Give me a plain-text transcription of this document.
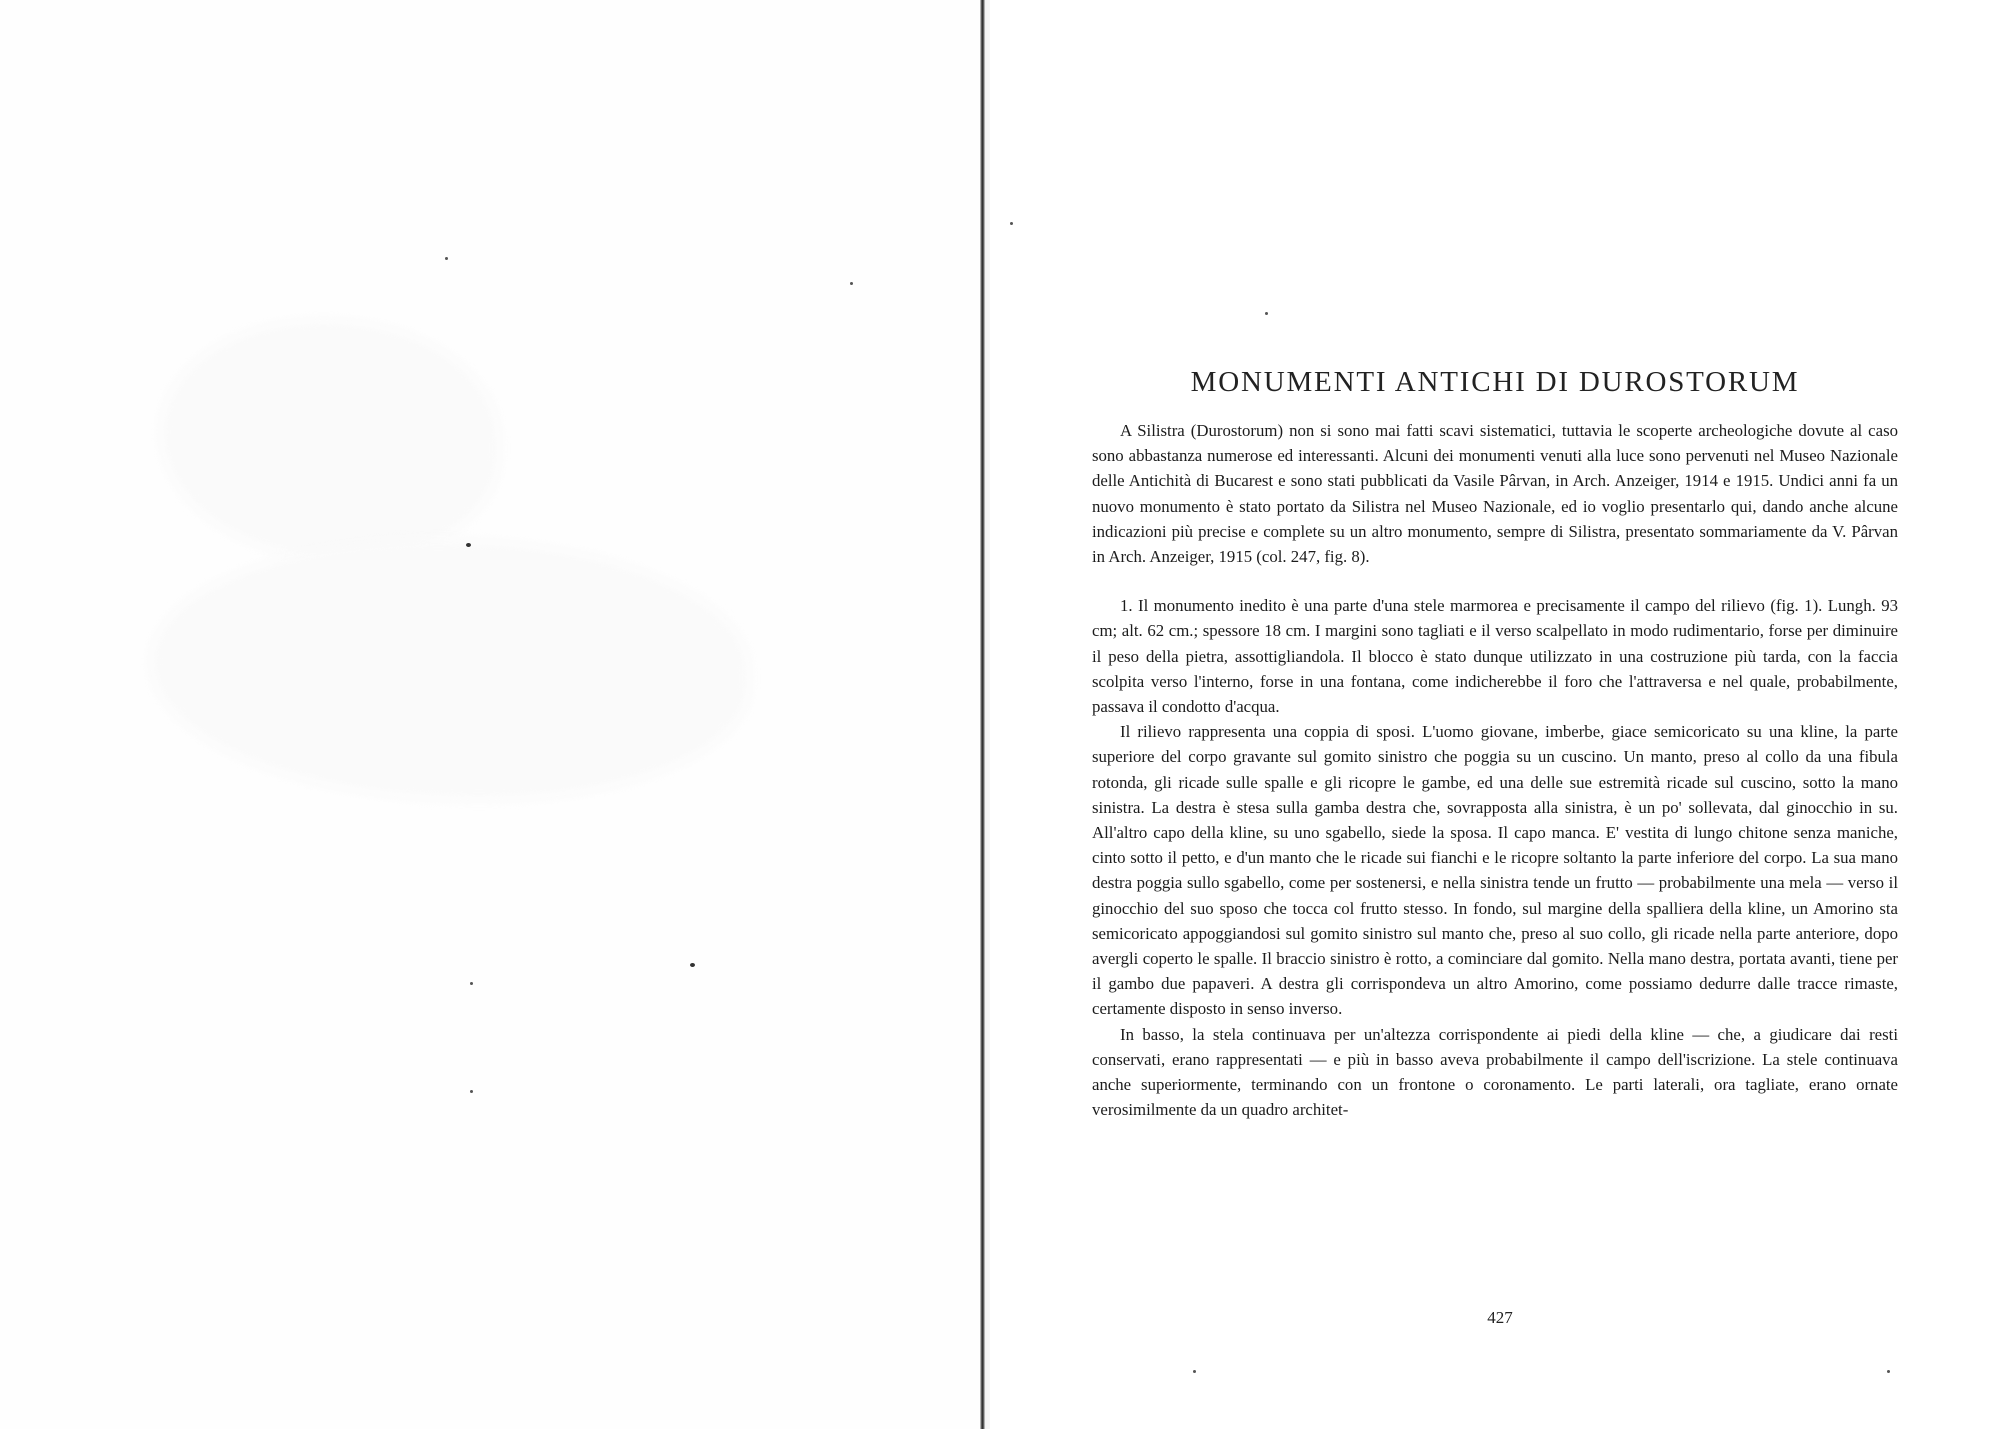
MONUMENTI ANTICHI DI DUROSTORUM

A Silistra (Durostorum) non si sono mai fatti scavi sistematici, tuttavia le scoperte archeologiche dovute al caso sono abbastanza numerose ed interessanti. Alcuni dei monumenti venuti alla luce sono pervenuti nel Museo Nazionale delle Antichità di Bucarest e sono stati pubblicati da Vasile Pârvan, in Arch. Anzeiger, 1914 e 1915. Undici anni fa un nuovo monumento è stato portato da Silistra nel Museo Nazionale, ed io voglio presentarlo qui, dando anche alcune indicazioni più precise e complete su un altro monumento, sempre di Silistra, presentato sommariamente da V. Pârvan in Arch. Anzeiger, 1915 (col. 247, fig. 8).

1. Il monumento inedito è una parte d'una stele marmorea e precisamente il campo del rilievo (fig. 1). Lungh. 93 cm; alt. 62 cm.; spessore 18 cm. I margini sono tagliati e il verso scalpellato in modo rudimentario, forse per diminuire il peso della pietra, assottigliandola. Il blocco è stato dunque utilizzato in una costruzione più tarda, con la faccia scolpita verso l'interno, forse in una fontana, come indicherebbe il foro che l'attraversa e nel quale, probabilmente, passava il condotto d'acqua.

Il rilievo rappresenta una coppia di sposi. L'uomo giovane, imberbe, giace semicoricato su una kline, la parte superiore del corpo gravante sul gomito sinistro che poggia su un cuscino. Un manto, preso al collo da una fibula rotonda, gli ricade sulle spalle e gli ricopre le gambe, ed una delle sue estremità ricade sul cuscino, sotto la mano sinistra. La destra è stesa sulla gamba destra che, sovrapposta alla sinistra, è un po' sollevata, dal ginocchio in su. All'altro capo della kline, su uno sgabello, siede la sposa. Il capo manca. E' vestita di lungo chitone senza maniche, cinto sotto il petto, e d'un manto che le ricade sui fianchi e le ricopre soltanto la parte inferiore del corpo. La sua mano destra poggia sullo sgabello, come per sostenersi, e nella sinistra tende un frutto — probabilmente una mela — verso il ginocchio del suo sposo che tocca col frutto stesso. In fondo, sul margine della spalliera della kline, un Amorino sta semicoricato appoggiandosi sul gomito sinistro sul manto che, preso al suo collo, gli ricade nella parte anteriore, dopo avergli coperto le spalle. Il braccio sinistro è rotto, a cominciare dal gomito. Nella mano destra, portata avanti, tiene per il gambo due papaveri. A destra gli corrispondeva un altro Amorino, come possiamo dedurre dalle tracce rimaste, certamente disposto in senso inverso.

In basso, la stela continuava per un'altezza corrispondente ai piedi della kline — che, a giudicare dai resti conservati, erano rappresentati — e più in basso aveva probabilmente il campo dell'iscrizione. La stele continuava anche superiormente, terminando con un frontone o coronamento. Le parti laterali, ora tagliate, erano ornate verosimilmente da un quadro architet-

427
